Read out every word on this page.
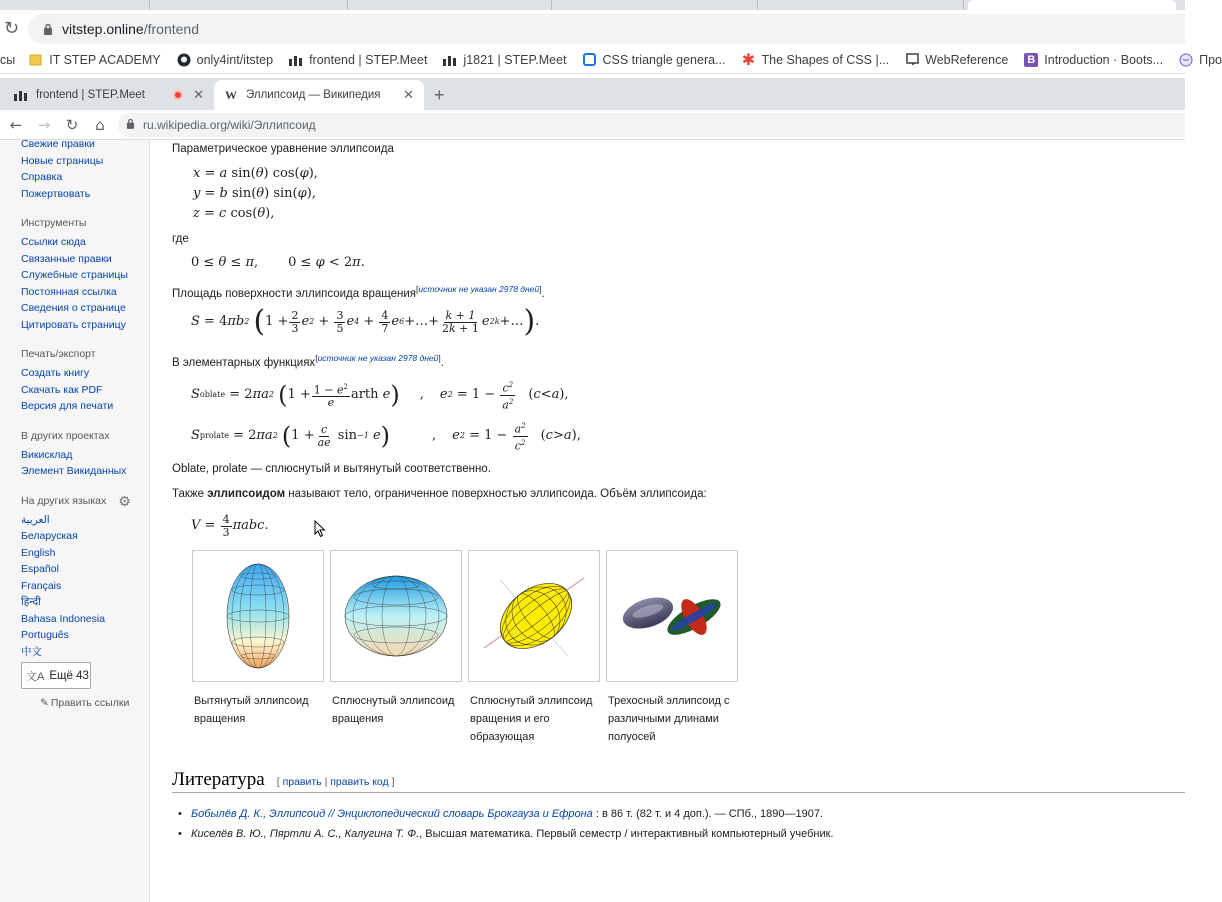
↻	vitstep.online/frontend
сы	IT STEP ACADEMY	only4int/itstep	frontend | STEP.Meet	j1821 | STEP.Meet	CSS triangle genera... ✱ The Shapes of CSS |...	WebReference B Introduction · Boots...	Про
frontend | STEP.Meet	✕ W Эллипсоид — Википедия ✕ +
←	→	↻	⌂	ru.wikipedia.org/wiki/Эллипсоид
Свежие правки
Новые страницы
Справка
Пожертвовать
Инструменты
Ссылки сюда
Связанные правки
Служебные страницы
Постоянная ссылка
Сведения о странице
Цитировать страницу
Печать/экспорт
Создать книгу
Скачать как PDF
Версия для печати
В других проектах
Викисклад
Элемент Викиданных
На других языках ⚙
العربية
Беларуская
English
Español
Français
हिन्दी
Bahasa Indonesia
Português
中文
文A Ещё 43
✎ Править ссылки
Параметрическое уравнение эллипсоида
x = a sin(θ) cos(φ),
y = b sin(θ) sin(φ),
z = c cos(θ),
где
0 ≤ θ ≤ π, 0 ≤ φ < 2π.
Площадь поверхности эллипсоида вращения[источник не указан 2978 дней].
S
= 4 πb 2
( $1 + \frac{2}{3}$ e $2 + \frac{3}{5}$ e $4 + \frac{4}{7}$ e 6 +…+ $\frac{k + 1}{2k + 1}$ e 2k +… ) .
В элементарных функциях[источник не указан 2978 дней].
S oblate
= 2 πa 2
( $1 + \frac{1 - e^2}{e}$ arth e ) , e $2 = 1 - \frac{c^2}{a^2}$ ( c < a ),
S prolate
= 2 πa 2
( $1 + \frac{c}{ae}$ sin −1
e )	, e $2 = 1 - \frac{a^2}{c^2}$ ( c > a ),
Oblate, prolate — сплюснутый и вытянутый соответственно.
Также эллипсоидом называют тело, ограниченное поверхностью эллипсоида. Объём эллипсоида:
V
= $\frac{4}{3}$ πabc .
Вытянутый эллипсоид вращения
Сплюснутый эллипсоид вращения
Сплюснутый эллипсоид вращения и его образующая
Трехосный эллипсоид с различными длинами полуосей
Литература [ править | править код ]
• Бобылёв Д. К., Эллипсоид // Энциклопедический словарь Брокгауза и Ефрона : в 86 т. (82 т. и 4 доп.). — СПб., 1890—1907.
• Киселёв В. Ю., Пяртли А. С., Калугина Т. Ф., Высшая математика. Первый семестр / интерактивный компьютерный учебник.
